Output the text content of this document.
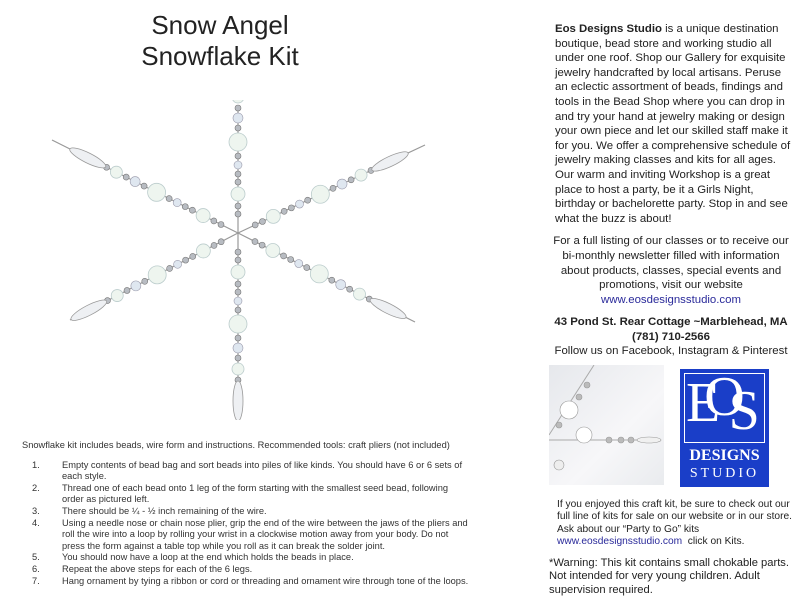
Snow Angel
Snowflake Kit
Snowflake kit includes beads, wire form and instructions. Recommended tools: craft pliers (not included)
1. Empty contents of bead bag and sort beads into piles of like kinds. You should have 6 or 6 sets of each style.
2. Thread one of each bead onto 1 leg of the form starting with the smallest seed bead, following order as pictured left.
3. There should be ¼ - ½ inch remaining of the wire.
4. Using a needle nose or chain nose plier, grip the end of the wire between the jaws of the pliers and roll the wire into a loop by rolling your wrist in a clockwise motion away from your body. Do not press the form against a table top while you roll as it can break the solder joint.
5. You should now have a loop at the end which holds the beads in place.
6. Repeat the above steps for each of the 6 legs.
7. Hang ornament by tying a ribbon or cord or threading and ornament wire through tone of the loops.
Eos Designs Studio is a unique destination boutique, bead store and working studio all under one roof. Shop our Gallery for exquisite jewelry handcrafted by local artisans. Peruse an eclectic assortment of beads, findings and tools in the Bead Shop where you can drop in and try your hand at jewelry making or design your own piece and let our skilled staff make it for you. We offer a comprehensive schedule of jewelry making classes and kits for all ages. Our warm and inviting Workshop is a great place to host a party, be it a Girls Night, birthday or bachelorette party. Stop in and see what the buzz is about!
For a full listing of our classes or to receive our bi-monthly newsletter filled with information about products, classes, special events and promotions, visit our website
www.eosdesignsstudio.com
43 Pond St. Rear Cottage ~Marblehead, MA
(781) 710-2566
Follow us on Facebook, Instagram & Pinterest
EOS
DESIGNS
STUDIO
If you enjoyed this craft kit, be sure to check out our full line of kits for sale on our website or in our store. Ask about our “Party to Go” kits
www.eosdesignsstudio.com  click on Kits.
*Warning: This kit contains small chokable parts. Not intended for very young children. Adult supervision required.
